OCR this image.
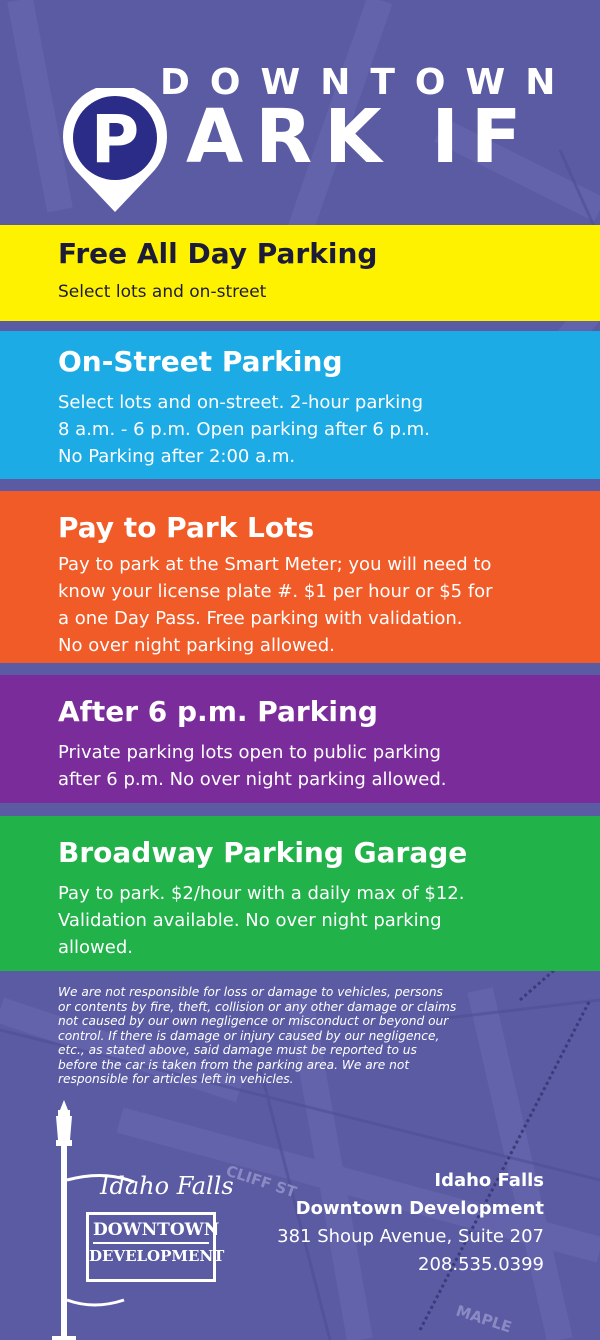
CLIFF ST
MAPLE
P
DOWNTOWN
ARK IF
Free All Day Parking

Select lots and on-street

On-Street Parking

Select lots and on-street. 2-hour parking
8 a.m. - 6 p.m. Open parking after 6 p.m.
No Parking after 2:00 a.m.

Pay to Park Lots

Pay to park at the Smart Meter; you will need to
know your license plate #. $1 per hour or $5 for
a one Day Pass. Free parking with validation.
No over night parking allowed.

After 6 p.m. Parking

Private parking lots open to public parking
after 6 p.m. No over night parking allowed.

Broadway Parking Garage

Pay to park. $2/hour with a daily max of $12.
Validation available. No over night parking
allowed.

We are not responsible for loss or damage to vehicles, persons
or contents by fire, theft, collision or any other damage or claims
not caused by our own negligence or misconduct or beyond our
control. If there is damage or injury caused by our negligence,
etc., as stated above, said damage must be reported to us
before the car is taken from the parking area. We are not
responsible for articles left in vehicles.
Idaho Falls
DOWNTOWN
DEVELOPMENT
Idaho Falls
Downtown Development
381 Shoup Avenue, Suite 207
208.535.0399
